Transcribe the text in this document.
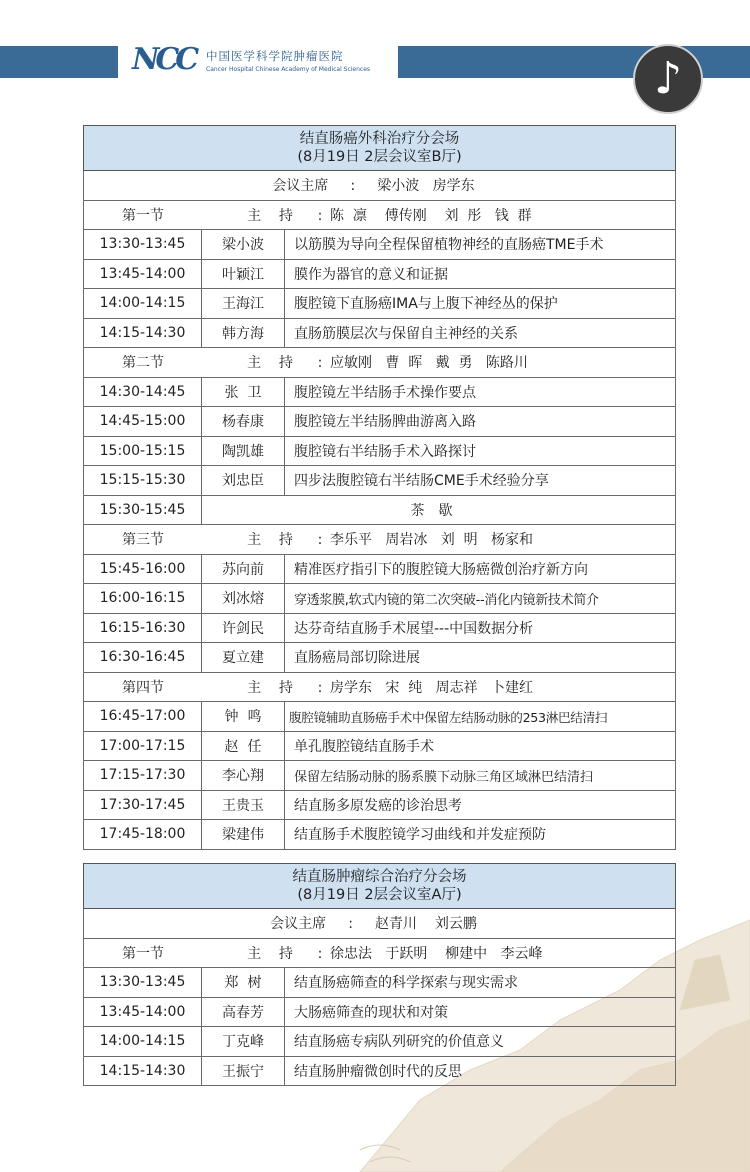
NCC 中国医学科学院肿瘤医院
Cancer Hospital Chinese Academy of Medical Sciences	♪
结直肠癌外科治疗分会场
(8月19日 2层会议室B厅)		

会议主席 : 梁小波   房学东		
第一节 主    持 : 陈  凛    傅传刚    刘  彤   钱  群		
13:30-13:45	梁小波	以筋膜为导向全程保留植物神经的直肠癌TME手术
13:45-14:00	叶颖江	膜作为器官的意义和证据
14:00-14:15	王海江	腹腔镜下直肠癌IMA与上腹下神经丛的保护
14:15-14:30	韩方海	直肠筋膜层次与保留自主神经的关系
第二节 主    持 : 应敏刚   曹  晖   戴  勇   陈路川		
14:30-14:45	张  卫	腹腔镜左半结肠手术操作要点
14:45-15:00	杨春康	腹腔镜左半结肠脾曲游离入路
15:00-15:15	陶凯雄	腹腔镜右半结肠手术入路探讨
15:15-15:30	刘忠臣	四步法腹腔镜右半结肠CME手术经验分享
15:30-15:45	茶歇	
第三节 主    持 : 李乐平   周岩冰   刘  明   杨家和		
15:45-16:00	苏向前	精准医疗指引下的腹腔镜大肠癌微创治疗新方向
16:00-16:15	刘冰熔	穿透浆膜,软式内镜的第二次突破--消化内镜新技术简介
16:15-16:30	许剑民	达芬奇结直肠手术展望---中国数据分析
16:30-16:45	夏立建	直肠癌局部切除进展
第四节 主    持 : 房学东   宋  纯   周志祥   卜建红		
16:45-17:00	钟  鸣	腹腔镜辅助直肠癌手术中保留左结肠动脉的253淋巴结清扫
17:00-17:15	赵  任	单孔腹腔镜结直肠手术
17:15-17:30	李心翔	保留左结肠动脉的肠系膜下动脉三角区域淋巴结清扫
17:30-17:45	王贵玉	结直肠多原发癌的诊治思考
17:45-18:00	梁建伟	结直肠手术腹腔镜学习曲线和并发症预防
结直肠肿瘤综合治疗分会场
(8月19日 2层会议室A厅)		

会议主席 : 赵青川    刘云鹏		
第一节 主    持 : 徐忠法   于跃明    柳建中   李云峰		
13:30-13:45	郑  树	结直肠癌筛查的科学探索与现实需求
13:45-14:00	高春芳	大肠癌筛查的现状和对策
14:00-14:15	丁克峰	结直肠癌专病队列研究的价值意义
14:15-14:30	王振宁	结直肠肿瘤微创时代的反思
